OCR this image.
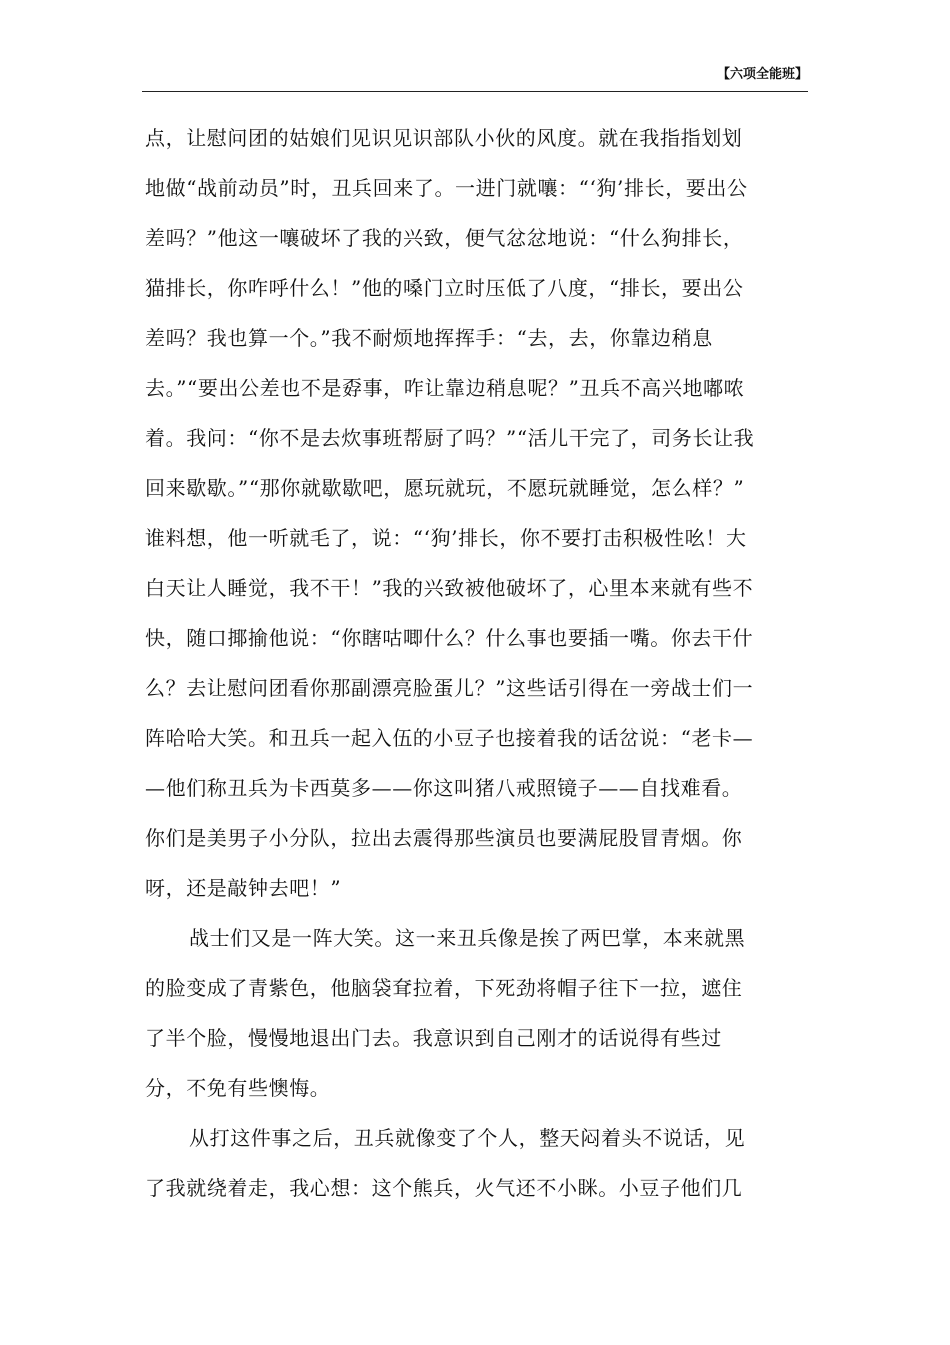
【六项全能班】
点，让慰问团的姑娘们见识见识部队小伙的风度。就在我指指划划
地做“战前动员”时，丑兵回来了。一进门就嚷：“‘狗’排长，要出公
差吗？”他这一嚷破坏了我的兴致，便气忿忿地说：“什么狗排长，
猫排长，你咋呼什么！”他的嗓门立时压低了八度，“排长，要出公
差吗？我也算一个。”我不耐烦地挥挥手：“去，去，你靠边稍息
去。”“要出公差也不是孬事，咋让靠边稍息呢？”丑兵不高兴地嘟哝
着。我问：“你不是去炊事班帮厨了吗？”“活儿干完了，司务长让我
回来歇歇。”“那你就歇歇吧，愿玩就玩，不愿玩就睡觉，怎么样？”
谁料想，他一听就毛了，说：“‘狗’排长，你不要打击积极性吆！大
白天让人睡觉，我不干！”我的兴致被他破坏了，心里本来就有些不
快，随口揶揄他说：“你瞎咕唧什么？什么事也要插一嘴。你去干什
么？去让慰问团看你那副漂亮脸蛋儿？”这些话引得在一旁战士们一
阵哈哈大笑。和丑兵一起入伍的小豆子也接着我的话岔说：“老卡—
—他们称丑兵为卡西莫多——你这叫猪八戒照镜子——自找难看。
你们是美男子小分队，拉出去震得那些演员也要满屁股冒青烟。你
呀，还是敲钟去吧！”
战士们又是一阵大笑。这一来丑兵像是挨了两巴掌，本来就黑
的脸变成了青紫色，他脑袋耷拉着，下死劲将帽子往下一拉，遮住
了半个脸，慢慢地退出门去。我意识到自己刚才的话说得有些过
分，不免有些懊悔。
从打这件事之后，丑兵就像变了个人，整天闷着头不说话，见
了我就绕着走，我心想：这个熊兵，火气还不小眯。小豆子他们几
